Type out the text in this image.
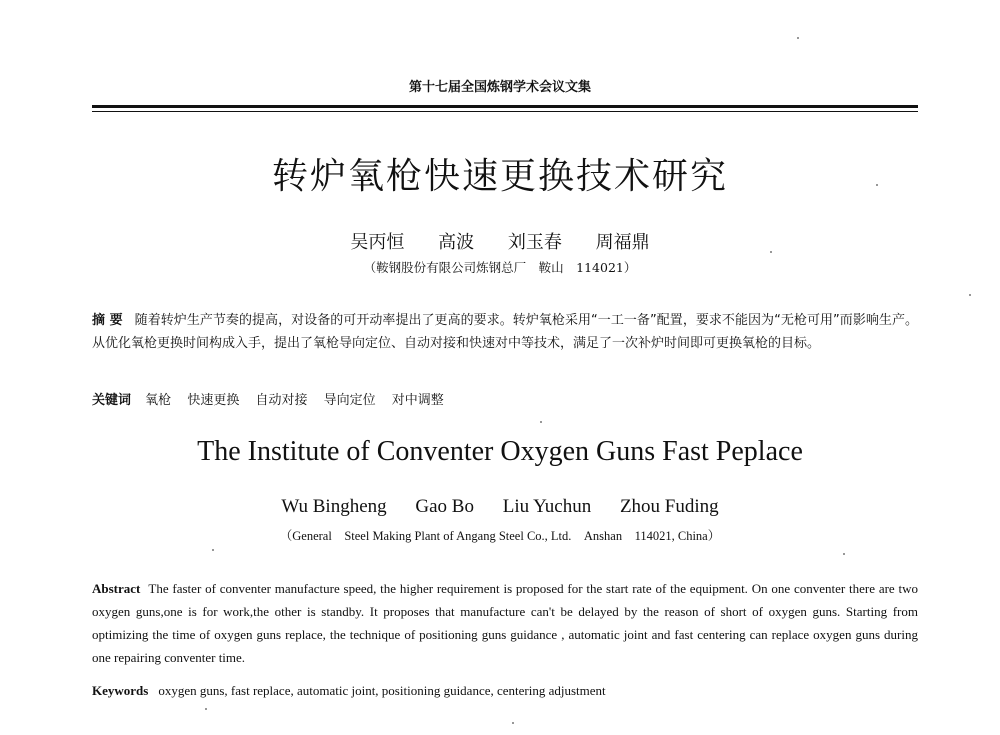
第十七届全国炼钢学术会议文集
转炉氧枪快速更换技术研究
吴丙恒 高波 刘玉春 周福鼎
（鞍钢股份有限公司炼钢总厂　鞍山　114021）
摘 要 随着转炉生产节奏的提高，对设备的可开动率提出了更高的要求。转炉氧枪采用“一工一备”配置，要求不能因为“无枪可用”而影响生产。从优化氧枪更换时间构成入手，提出了氧枪导向定位、自动对接和快速对中等技术，满足了一次补炉时间即可更换氧枪的目标。
关键词 氧枪 快速更换 自动对接 导向定位 对中调整
The Institute of Conventer Oxygen Guns Fast Peplace
Wu Bingheng Gao Bo Liu Yuchun Zhou Fuding
（General　Steel Making Plant of Angang Steel Co., Ltd.　Anshan　114021, China）
Abstract The faster of conventer manufacture speed, the higher requirement is proposed for the start rate of the equipment. On one conventer there are two oxygen guns,one is for work,the other is standby. It proposes that manufacture can't be delayed by the reason of short of oxygen guns. Starting from optimizing the time of oxygen guns replace, the technique of positioning guns guidance , automatic joint and fast centering can replace oxygen guns during one repairing conventer time.
Keywords oxygen guns, fast replace, automatic joint, positioning guidance, centering adjustment
